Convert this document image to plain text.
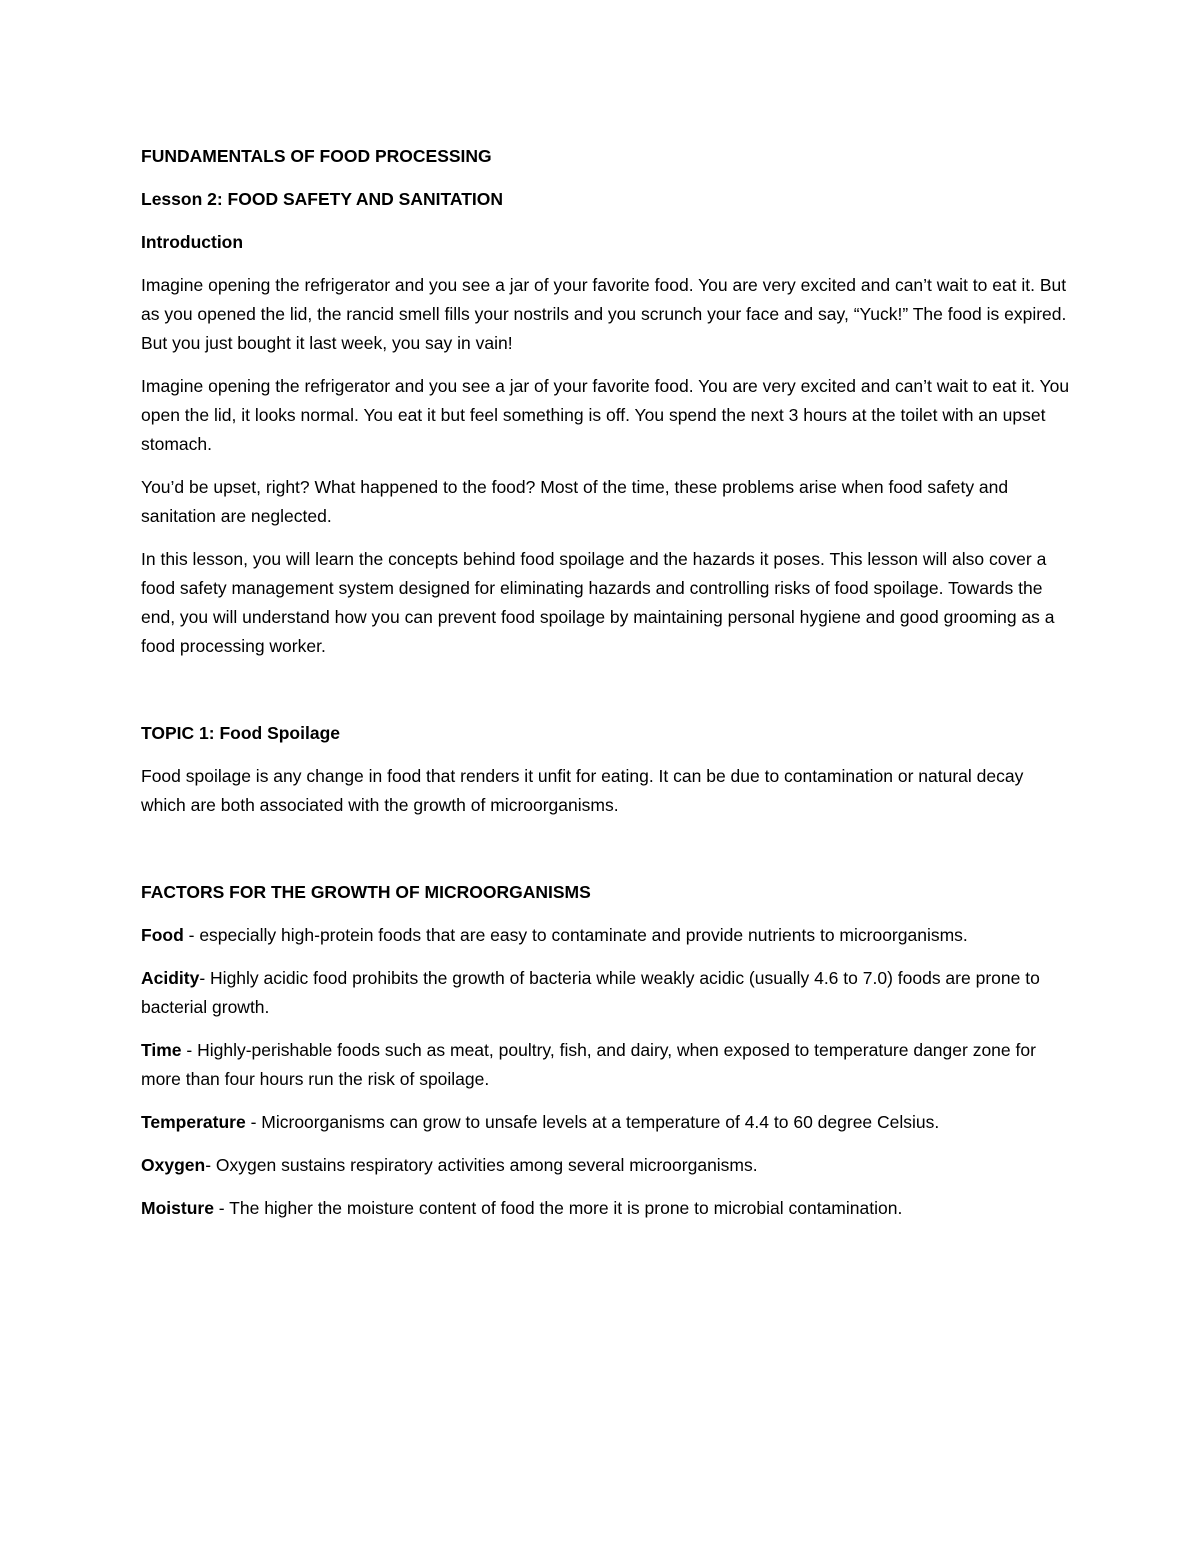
FUNDAMENTALS OF FOOD PROCESSING

Lesson 2: FOOD SAFETY AND SANITATION

Introduction

Imagine opening the refrigerator and you see a jar of your favorite food. You are very excited and can’t wait to eat it. But as you opened the lid, the rancid smell fills your nostrils and you scrunch your face and say, “Yuck!” The food is expired. But you just bought it last week, you say in vain!

Imagine opening the refrigerator and you see a jar of your favorite food. You are very excited and can’t wait to eat it. You open the lid, it looks normal. You eat it but feel something is off. You spend the next 3 hours at the toilet with an upset stomach.

You’d be upset, right? What happened to the food? Most of the time, these problems arise when food safety and sanitation are neglected.

In this lesson, you will learn the concepts behind food spoilage and the hazards it poses. This lesson will also cover a food safety management system designed for eliminating hazards and controlling risks of food spoilage. Towards the end, you will understand how you can prevent food spoilage by maintaining personal hygiene and good grooming as a food processing worker.

TOPIC 1: Food Spoilage

Food spoilage is any change in food that renders it unfit for eating. It can be due to contamination or natural decay which are both associated with the growth of microorganisms.

FACTORS FOR THE GROWTH OF MICROORGANISMS

Food - especially high-protein foods that are easy to contaminate and provide nutrients to microorganisms.

Acidity- Highly acidic food prohibits the growth of bacteria while weakly acidic (usually 4.6 to 7.0) foods are prone to bacterial growth.

Time - Highly-perishable foods such as meat, poultry, fish, and dairy, when exposed to temperature danger zone for more than four hours run the risk of spoilage.

Temperature - Microorganisms can grow to unsafe levels at a temperature of 4.4 to 60 degree Celsius.

Oxygen- Oxygen sustains respiratory activities among several microorganisms.

Moisture - The higher the moisture content of food the more it is prone to microbial contamination.
